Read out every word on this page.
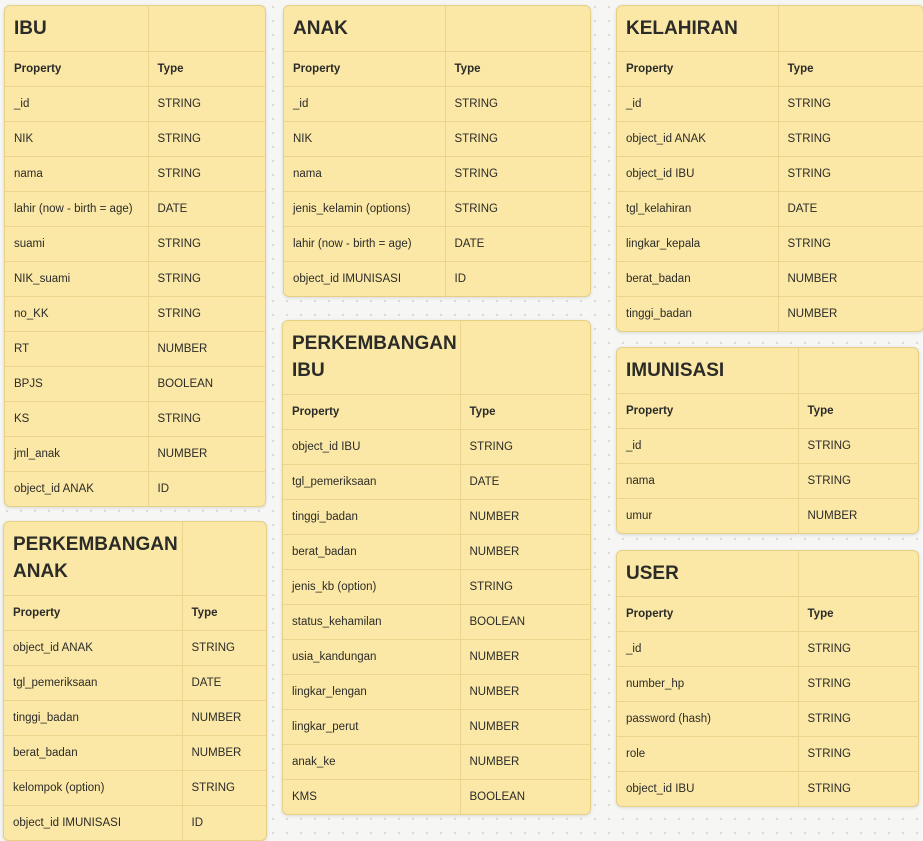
IBU	
Property	Type
_id	STRING
NIK	STRING
nama	STRING
lahir (now - birth = age)	DATE
suami	STRING
NIK_suami	STRING
no_KK	STRING
RT	NUMBER
BPJS	BOOLEAN
KS	STRING
jml_anak	NUMBER
object_id ANAK	ID
ANAK	
Property	Type
_id	STRING
NIK	STRING
nama	STRING
jenis_kelamin (options)	STRING
lahir (now - birth = age)	DATE
object_id IMUNISASI	ID
KELAHIRAN	
Property	Type
_id	STRING
object_id ANAK	STRING
object_id IBU	STRING
tgl_kelahiran	DATE
lingkar_kepala	STRING
berat_badan	NUMBER
tinggi_badan	NUMBER
PERKEMBANGAN IBU	
Property	Type
object_id IBU	STRING
tgl_pemeriksaan	DATE
tinggi_badan	NUMBER
berat_badan	NUMBER
jenis_kb (option)	STRING
status_kehamilan	BOOLEAN
usia_kandungan	NUMBER
lingkar_lengan	NUMBER
lingkar_perut	NUMBER
anak_ke	NUMBER
KMS	BOOLEAN
IMUNISASI	
Property	Type
_id	STRING
nama	STRING
umur	NUMBER
PERKEMBANGAN ANAK	
Property	Type
object_id ANAK	STRING
tgl_pemeriksaan	DATE
tinggi_badan	NUMBER
berat_badan	NUMBER
kelompok (option)	STRING
object_id IMUNISASI	ID
USER	
Property	Type
_id	STRING
number_hp	STRING
password (hash)	STRING
role	STRING
object_id IBU	STRING
